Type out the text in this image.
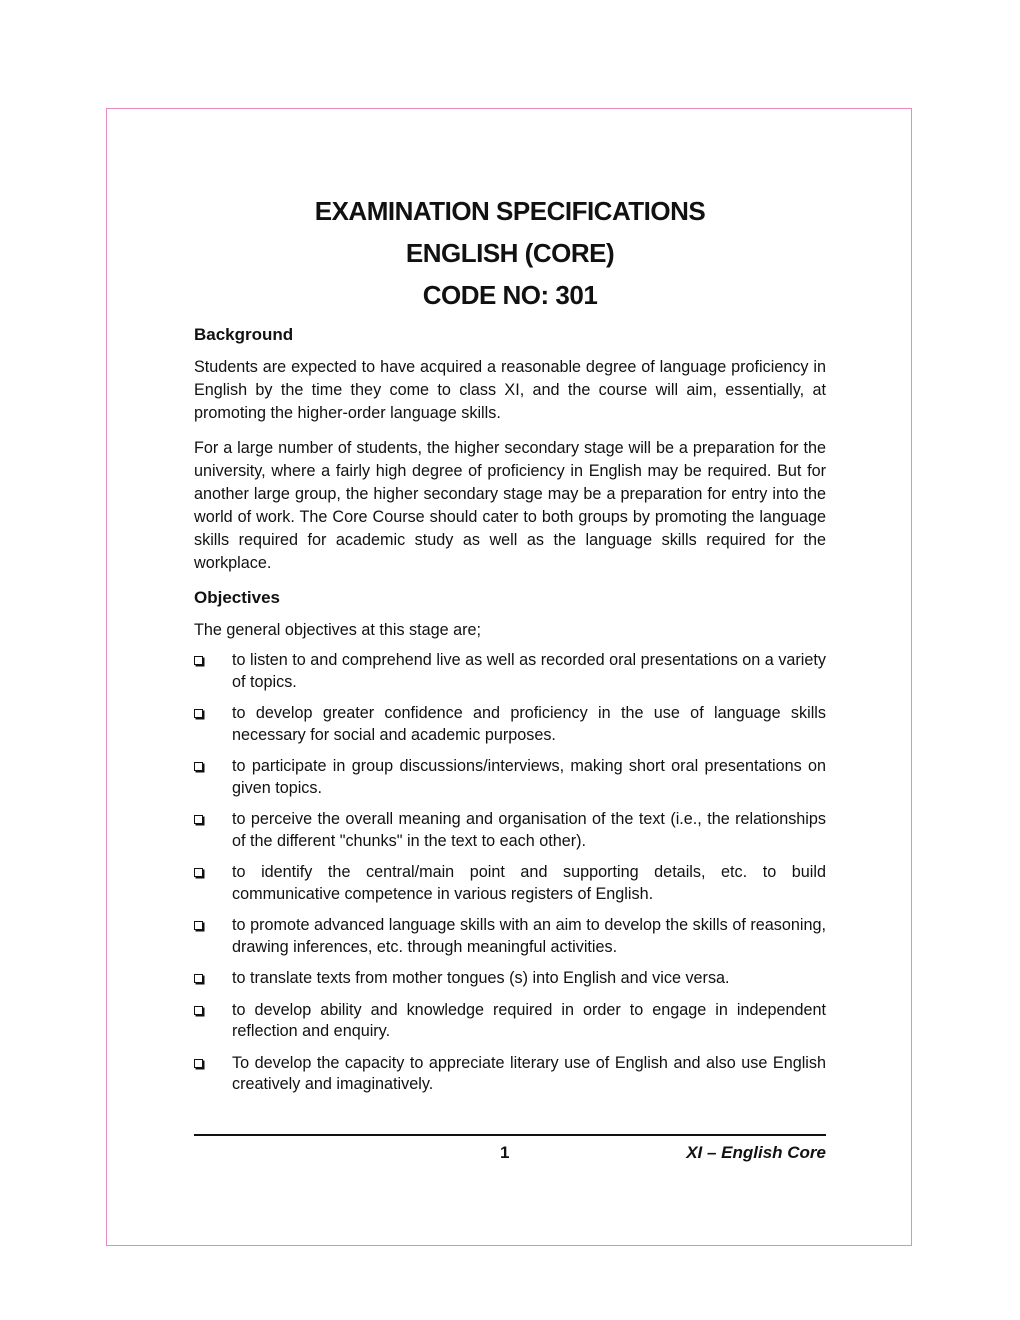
EXAMINATION SPECIFICATIONS

ENGLISH (CORE)

CODE NO: 301

Background

Students are expected to have acquired a reasonable degree of language proficiency in English by the time they come to class XI, and the course will aim, essentially, at promoting the higher-order language skills.

For a large number of students, the higher secondary stage will be a preparation for the university, where a fairly high degree of proficiency in English may be required. But for another large group, the higher secondary stage may be a preparation for entry into the world of work. The Core Course should cater to both groups by promoting the language skills required for academic study as well as the language skills required for the workplace.

Objectives

The general objectives at this stage are;

to listen to and comprehend live as well as recorded oral presentations on a variety of topics.
to develop greater confidence and proficiency in the use of language skills necessary for social and academic purposes.
to participate in group discussions/interviews, making short oral presentations on given topics.
to perceive the overall meaning and organisation of the text (i.e., the relationships of the different "chunks" in the text to each other).
to identify the central/main point and supporting details, etc. to build communicative competence in various registers of English.
to promote advanced language skills with an aim to develop the skills of reasoning, drawing inferences, etc. through meaningful activities.
to translate texts from mother tongues (s) into English and vice versa.
to develop ability and knowledge required in order to engage in independent reflection and enquiry.
To develop the capacity to appreciate literary use of English and also use English creatively and imaginatively.
1	XI – English Core
